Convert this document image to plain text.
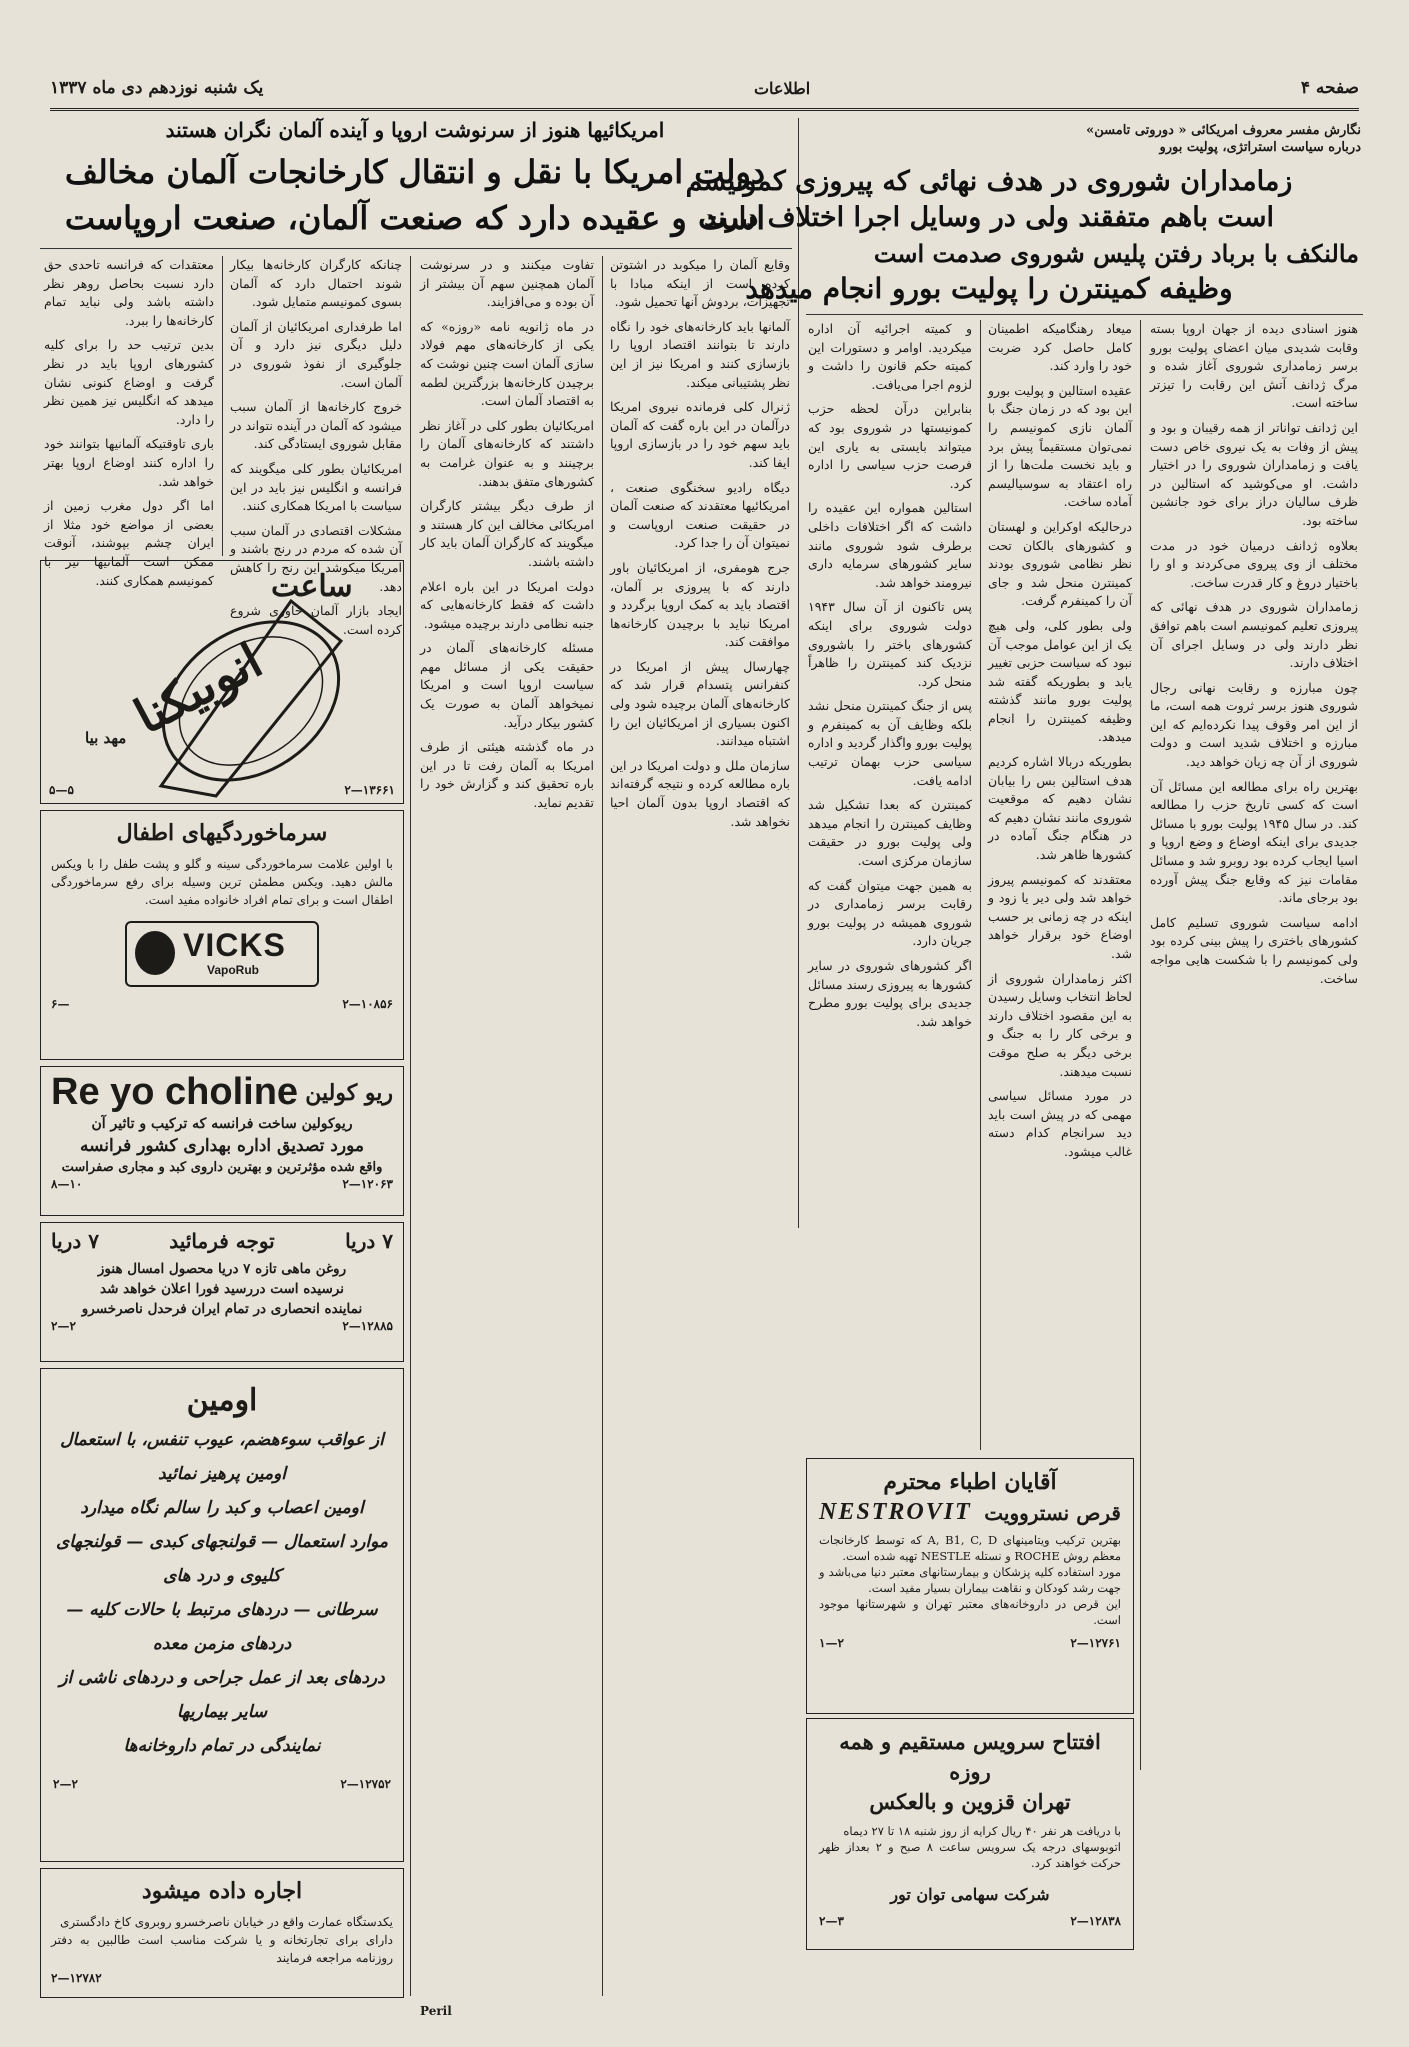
صفحه ۴
اطلاعات
یک شنبه نوزدهم دی ماه ۱۳۳۷
نگارش مفسر معروف امریکائی « دوروتی تامسن»
درباره سیاست استراتژی، پولیت بورو
زمامداران شوروی در هدف نهائی که پیروزی کمونیسم
است باهم متفقند ولی در وسایل اجرا اختلاف دارند
مالنکف با برباد رفتن پلیس شوروی صدمت است
وظیفه کمینترن را پولیت بورو انجام میدهد

هنوز اسنادی دیده از جهان اروپا بسته وقابت شدیدی میان اعضای پولیت بورو برسر زمامداری شوروی آغاز شده و مرگ ژدانف آتش این رقابت را تیزتر ساخته است.

این ژدانف تواناتر از همه رقیبان و بود و پیش از وفات به یک نیروی خاص دست یافت و زمامداران شوروی را در اختیار داشت. او می‌کوشید که استالین در ظرف سالیان دراز برای خود جانشین ساخته بود.

بعلاوه ژدانف درمیان خود در مدت مختلف از وی پیروی می‌کردند و او را باختیار دروغ و کار قدرت ساخت.

زمامداران شوروی در هدف نهائی که پیروزی تعلیم کمونیسم است باهم توافق نظر دارند ولی در وسایل اجرای آن اختلاف دارند.

چون مبارزه و رقابت نهانی رجال شوروی هنوز برسر ثروت همه است، ما از این امر وقوف پیدا نکرده‌ایم که این مبارزه و اختلاف شدید است و دولت شوروی از آن چه زیان خواهد دید.

بهترین راه برای مطالعه این مسائل آن است که کسی تاریخ حزب را مطالعه کند. در سال ۱۹۴۵ پولیت بورو با مسائل جدیدی برای اینکه اوضاع و وضع اروپا و اسیا ایجاب کرده بود روبرو شد و مسائل مقامات نیز که وقایع جنگ پیش آورده بود برجای ماند.

ادامه سیاست شوروی تسلیم کامل کشورهای باختری را پیش بینی کرده بود ولی کمونیسم را با شکست هایی مواجه ساخت.

میعاد رهنگامیکه اطمینان کامل حاصل کرد ضربت خود را وارد کند.

عقیده استالین و پولیت بورو این بود که در زمان جنگ با آلمان نازی کمونیسم را نمی‌توان مستقیماً پیش برد و باید نخست ملت‌ها را از راه اعتقاد به سوسیالیسم آماده ساخت.

درحالیکه اوکراین و لهستان و کشورهای بالکان تحت نظر نظامی شوروی بودند کمینترن منحل شد و جای آن را کمینفرم گرفت.

ولی بطور کلی، ولی هیچ یک از این عوامل موجب آن نبود که سیاست حزبی تغییر یابد و بطوریکه گفته شد پولیت بورو مانند گذشته وظیفه کمینترن را انجام میدهد.

بطوریکه دربالا اشاره کردیم هدف استالین بس را بیابان نشان دهیم که موقعیت شوروی مانند نشان دهیم که در هنگام جنگ آماده در کشورها ظاهر شد.

معتقدند که کمونیسم پیروز خواهد شد ولی دیر یا زود و اینکه در چه زمانی بر حسب اوضاع خود برقرار خواهد شد.

اکثر زمامداران شوروی از لحاظ انتخاب وسایل رسیدن به این مقصود اختلاف دارند و برخی کار را به جنگ و برخی دیگر به صلح موقت نسبت میدهند.

در مورد مسائل سیاسی مهمی که در پیش است باید دید سرانجام کدام دسته غالب میشود.

و کمیته اجرائیه آن اداره میکردید. اوامر و دستورات این کمیته حکم قانون را داشت و لزوم اجرا می‌یافت.

بنابراین درآن لحظه حزب کمونیستها در شوروی بود که میتواند بایستی به یاری این فرصت حزب سیاسی را اداره کرد.

استالین همواره این عقیده را داشت که اگر اختلافات داخلی برطرف شود شوروی مانند سایر کشورهای سرمایه داری نیرومند خواهد شد.

پس تاکنون از آن سال ۱۹۴۳ دولت شوروی برای اینکه کشورهای باختر را باشوروی نزدیک کند کمینترن را ظاهراً منحل کرد.

پس از جنگ کمینترن منحل نشد بلکه وظایف آن به کمینفرم و پولیت بورو واگذار گردید و اداره سیاسی حزب بهمان ترتیب ادامه یافت.

کمینترن که بعدا تشکیل شد وظایف کمینترن را انجام میدهد ولی پولیت بورو در حقیقت سازمان مرکزی است.

به همین جهت میتوان گفت که رقابت برسر زمامداری در شوروی همیشه در پولیت بورو جریان دارد.

اگر کشورهای شوروی در سایر کشورها به پیروزی رسند مسائل جدیدی برای پولیت بورو مطرح خواهد شد.

آقایان اطباء محترم
قرص نستروویت
NESTROVIT
بهترین ترکیب ویتامینهای A, B1, C, D که توسط کارخانجات معظم روش ROCHE و نستله NESTLE تهیه شده است.
مورد استفاده کلیه پزشکان و بیمارستانهای معتبر دنیا می‌باشد و جهت رشد کودکان و نقاهت بیماران بسیار مفید است.
این قرص در داروخانه‌های معتبر تهران و شهرستانها موجود است.
۱۲۷۶۱—۲
۲—۱
افتتاح سرویس مستقیم و همه روزه
تهران قزوین و بالعکس
با دریافت هر نفر ۴۰ ریال کرایه از روز شنبه ۱۸ تا ۲۷ دیماه
اتوبوسهای درجه یک سرویس ساعت ۸ صبح و ۲ بعداز ظهر حرکت خواهند کرد.
شرکت سهامی توان تور
۱۲۸۳۸—۲
۳—۲
امریکائیها هنوز از سرنوشت اروپا و آینده آلمان نگران هستند
دولت امریکا با نقل و انتقال کارخانجات آلمان مخالف
است و عقیده دارد که صنعت آلمان، صنعت اروپاست

وقایع آلمان را میکوبد در اشتوتن کرده است از اینکه مبادا با تجهیزات، بردوش آنها تحمیل شود.

آلمانها باید کارخانه‌های خود را نگاه دارند تا بتوانند اقتصاد اروپا را بازسازی کنند و امریکا نیز از این نظر پشتیبانی میکند.

ژنرال کلی فرمانده نیروی امریکا درآلمان در این باره گفت که آلمان باید سهم خود را در بازسازی اروپا ایفا کند.

دیگاه رادیو سخنگوی صنعت ، امریکائیها معتقدند که صنعت آلمان در حقیقت صنعت اروپاست و نمیتوان آن را جدا کرد.

جرج هومفری، از امریکائیان باور دارند که با پیروزی بر آلمان، اقتصاد باید به کمک اروپا برگردد و امریکا نباید با برچیدن کارخانه‌ها موافقت کند.

چهارسال پیش از امریکا در کنفرانس پتسدام قرار شد که کارخانه‌های آلمان برچیده شود ولی اکنون بسیاری از امریکائیان این را اشتباه میدانند.

سازمان ملل و دولت امریکا در این باره مطالعه کرده و نتیجه گرفته‌اند که اقتصاد اروپا بدون آلمان احیا نخواهد شد.

تفاوت میکنند و در سرنوشت آلمان همچنین سهم آن بیشتر از آن بوده و می‌افزایند.

در ماه ژانویه نامه «روزه» که یکی از کارخانه‌های مهم فولاد سازی آلمان است چنین نوشت که برچیدن کارخانه‌ها بزرگترین لطمه به اقتصاد آلمان است.

امریکائیان بطور کلی در آغاز نظر داشتند که کارخانه‌های آلمان را برچینند و به عنوان غرامت به کشورهای متفق بدهند.

از طرف دیگر بیشتر کارگران امریکائی مخالف این کار هستند و میگویند که کارگران آلمان باید کار داشته باشند.

دولت امریکا در این باره اعلام داشت که فقط کارخانه‌هایی که جنبه نظامی دارند برچیده میشود.

مسئله کارخانه‌های آلمان در حقیقت یکی از مسائل مهم سیاست اروپا است و امریکا نمیخواهد آلمان به صورت یک کشور بیکار درآید.

در ماه گذشته هیئتی از طرف امریکا به آلمان رفت تا در این باره تحقیق کند و گزارش خود را تقدیم نماید.

چنانکه کارگران کارخانه‌ها بیکار شوند احتمال دارد که آلمان بسوی کمونیسم متمایل شود.

اما طرفداری امریکائیان از آلمان دلیل دیگری نیز دارد و آن جلوگیری از نفوذ شوروی در آلمان است.

خروج کارخانه‌ها از آلمان سبب میشود که آلمان در آینده نتواند در مقابل شوروی ایستادگی کند.

امریکائیان بطور کلی میگویند که فرانسه و انگلیس نیز باید در این سیاست با امریکا همکاری کنند.

مشکلات اقتصادی در آلمان سبب آن شده که مردم در رنج باشند و امریکا میکوشد این رنج را کاهش دهد.

ایجاد بازار آلمان خاوری شروع کرده است.

معتقدات که فرانسه تاحدی حق دارد نسبت بحاصل روهر نظر داشته باشد ولی نباید تمام کارخانه‌ها را ببرد.

بدین ترتیب حد را برای کلیه کشورهای اروپا باید در نظر گرفت و اوضاع کنونی نشان میدهد که انگلیس نیز همین نظر را دارد.

باری تاوقتیکه آلمانیها بتوانند خود را اداره کنند اوضاع اروپا بهتر خواهد شد.

اما اگر دول مغرب زمین از بعضی از مواضع خود مثلا از ایران چشم بپوشند، آنوقت ممکن است آلمانیها نیز با کمونیسم همکاری کنند. ساعت
انوبیکنا
مهد بیا
۱۳۶۶۱—۲
۵—۵
سرماخوردگیهای اطفال
با اولین علامت سرماخوردگی سینه و گلو و پشت طفل را با ویکس مالش دهید. ویکس مطمئن ترین وسیله برای رفع سرماخوردگی اطفال است و برای تمام افراد خانواده مفید است.
VICKS
VapoRub
۱۰۸۵۶—۲
—۶
ریو کولین
Re yo choline
ریوکولین ساخت فرانسه که ترکیب و تاثیر آن
مورد تصدیق اداره بهداری کشور فرانسه
واقع شده مؤثرترین و بهترین داروی کبد و مجاری صفراست
۱۲۰۶۳—۲
۱۰—۸
۷ دریا
توجه فرمائید
۷ دریا
روغن ماهی تازه ۷ دریا محصول امسال هنوز
نرسیده است دررسید فورا اعلان خواهد شد
نماینده انحصاری در تمام ایران فرحدل ناصرخسرو
۱۲۸۸۵—۲
۲—۲
اومین
از عواقب سوءهضم، عیوب تنفس، با استعمال اومین پرهیز نمائید
اومین اعصاب و کبد را سالم نگاه میدارد
موارد استعمال — قولنجهای کبدی — قولنجهای کلیوی و درد های
سرطانی — دردهای مرتبط با حالات کلیه — دردهای مزمن معده
دردهای بعد از عمل جراحی و دردهای ناشی از سایر بیماریها
نمایندگی در تمام داروخانه‌ها
۱۲۷۵۲—۲
۲—۲
اجاره داده میشود
یکدستگاه عمارت واقع در خیابان ناصرخسرو روبروی کاخ دادگستری
دارای برای تجارتخانه و یا شرکت مناسب است طالبین به دفتر روزنامه مراجعه فرمایند
۱۲۷۸۲—۲
Peril
